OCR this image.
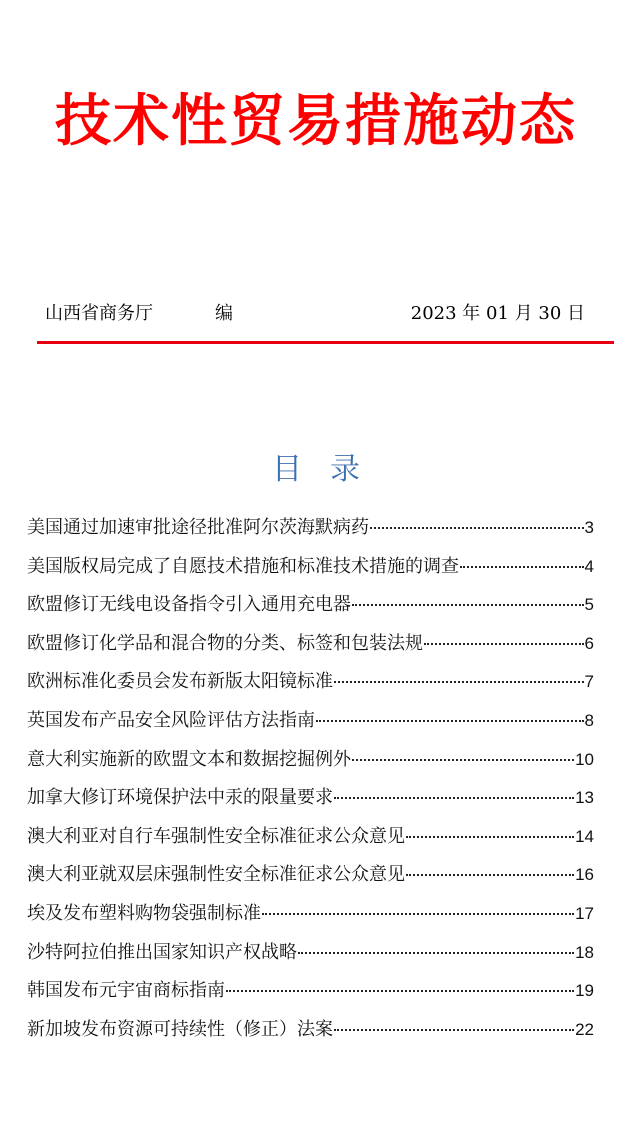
技术性贸易措施动态
山西省商务厅	编	2023 年 01 月 30 日
目录
美国通过加速审批途径批准阿尔茨海默病药	3
美国版权局完成了自愿技术措施和标准技术措施的调查	4
欧盟修订无线电设备指令引入通用充电器	5
欧盟修订化学品和混合物的分类、标签和包装法规	6
欧洲标准化委员会发布新版太阳镜标准	7
英国发布产品安全风险评估方法指南	8
意大利实施新的欧盟文本和数据挖掘例外	10
加拿大修订环境保护法中汞的限量要求	13
澳大利亚对自行车强制性安全标准征求公众意见	14
澳大利亚就双层床强制性安全标准征求公众意见	16
埃及发布塑料购物袋强制标准	17
沙特阿拉伯推出国家知识产权战略	18
韩国发布元宇宙商标指南	19
新加坡发布资源可持续性（修正）法案	22
